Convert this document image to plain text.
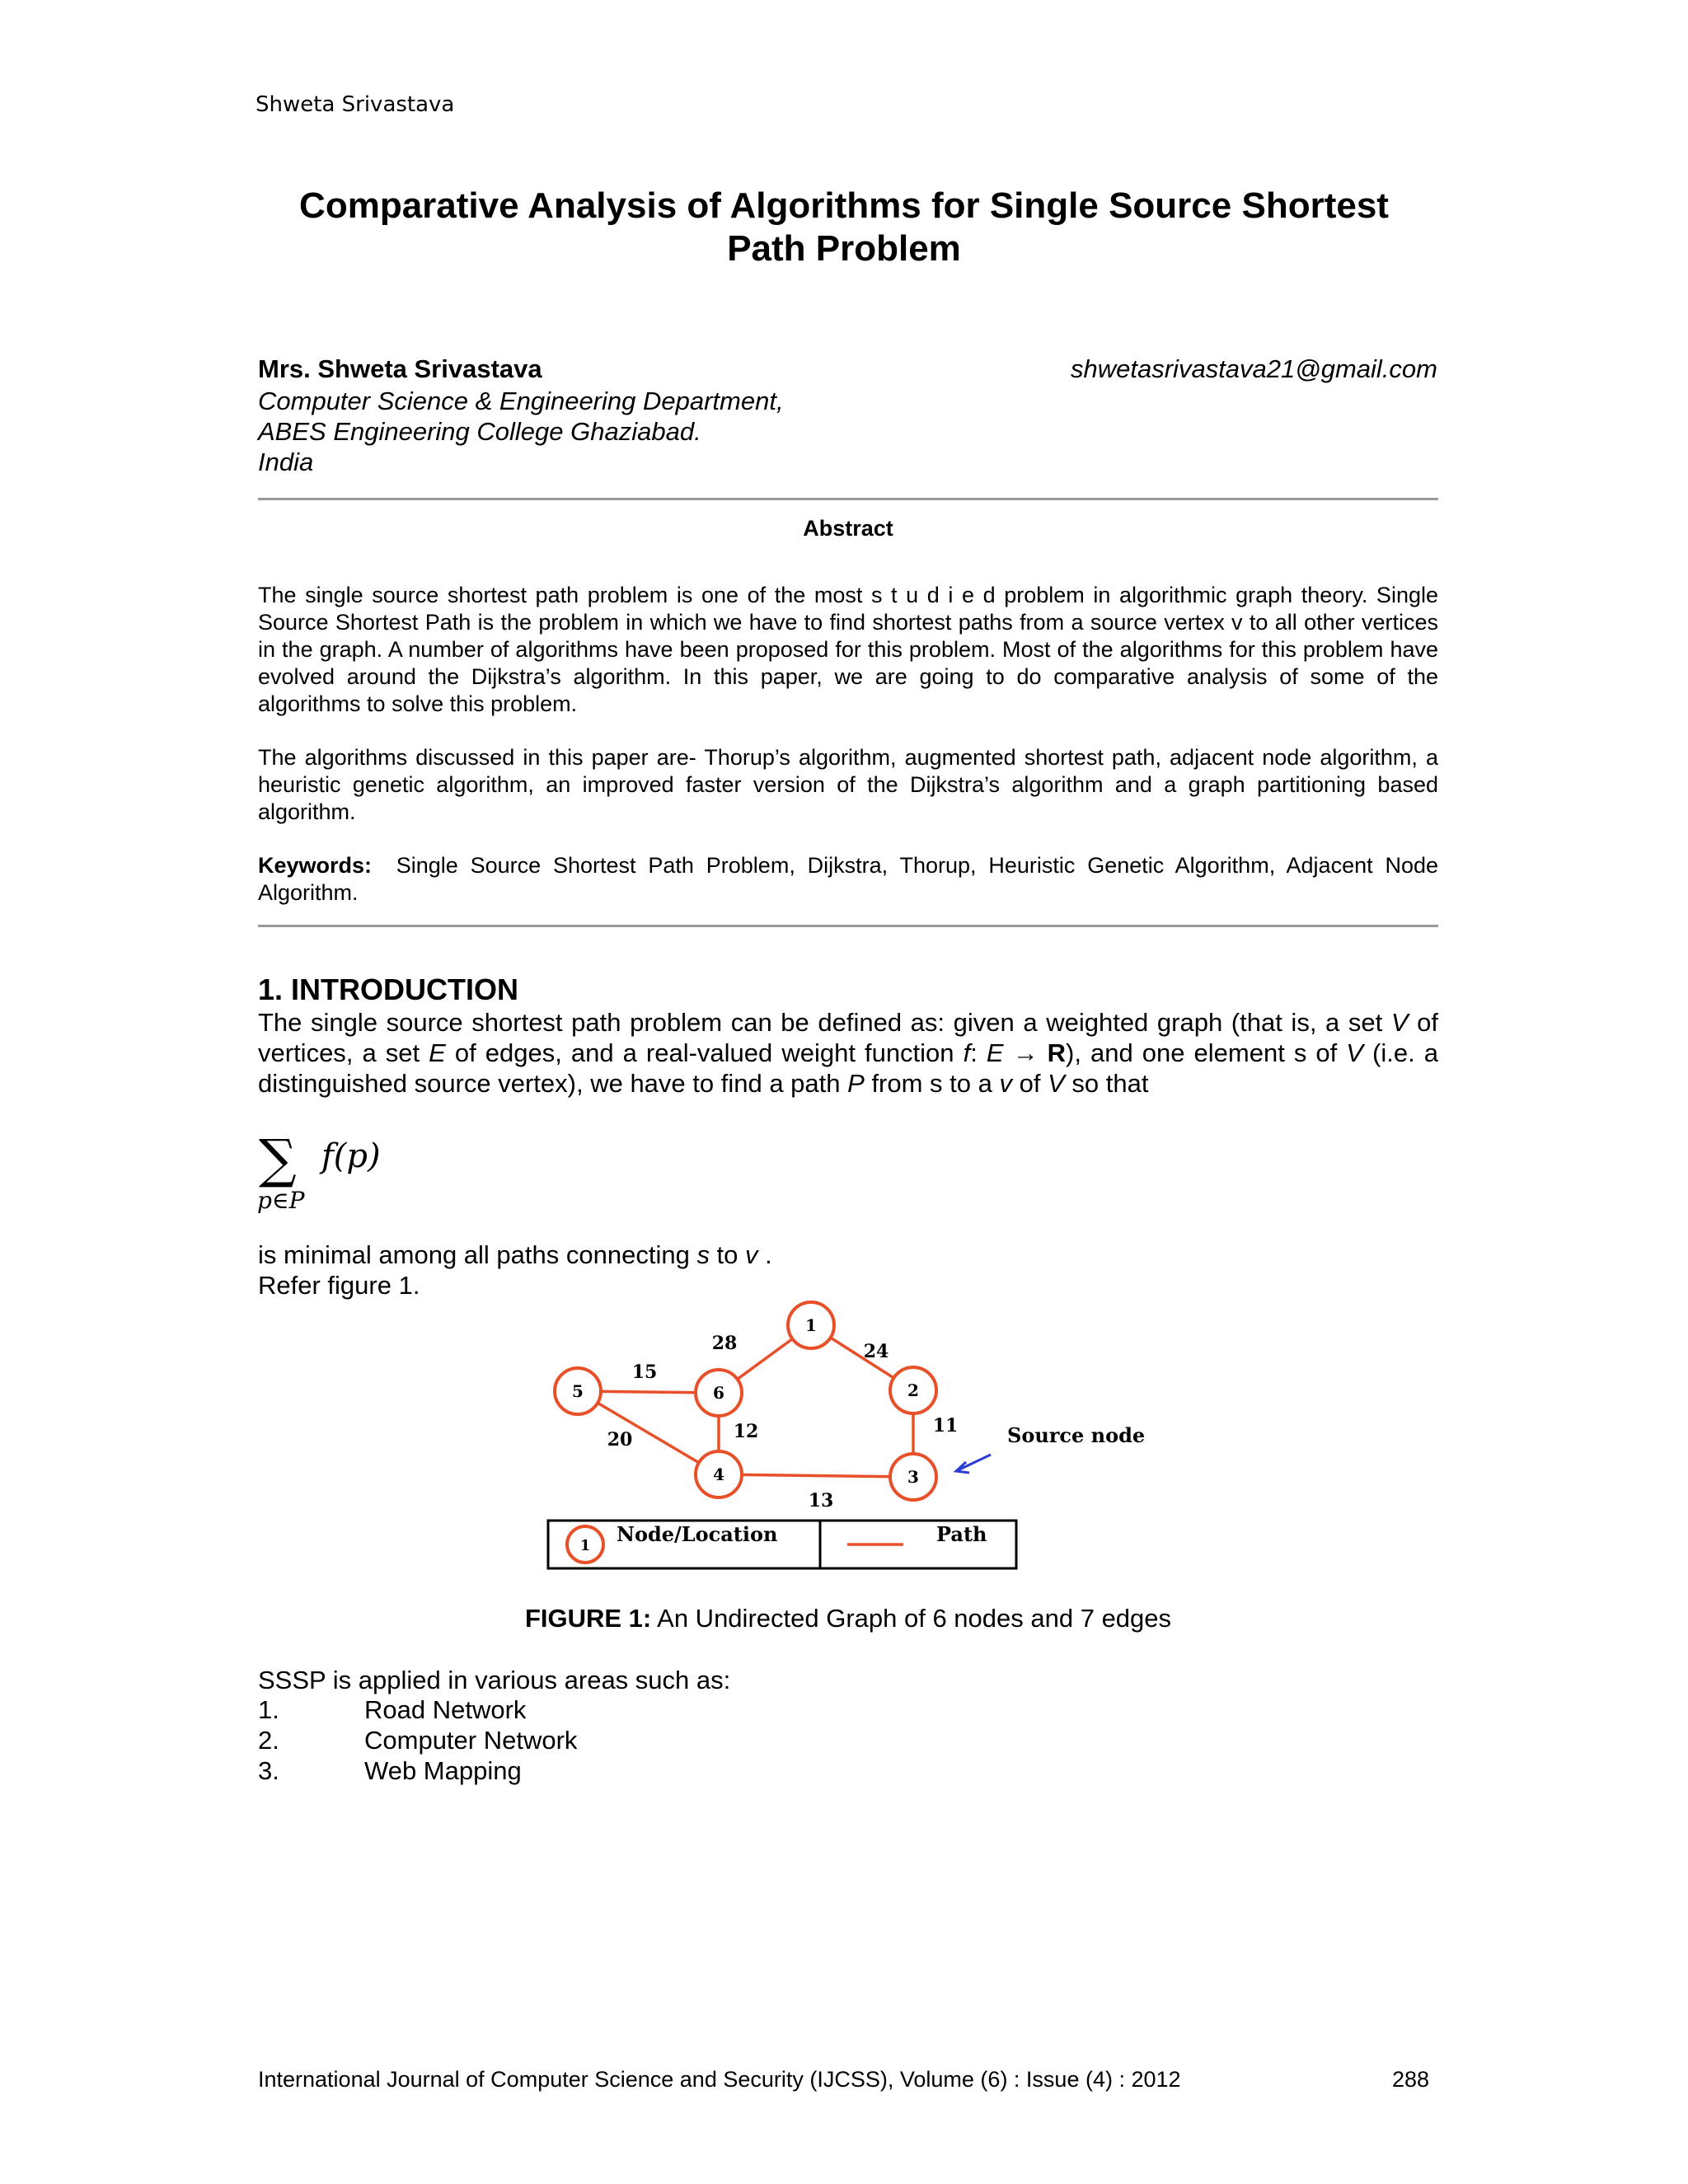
Shweta Srivastava
Comparative Analysis of Algorithms for Single Source Shortest
Path Problem
Mrs. Shweta Srivastava	shwetasrivastava21@gmail.com
Computer Science & Engineering Department,
ABES Engineering College Ghaziabad.
India
Abstract
The single source shortest path problem is one of the most s t u d i e d problem in algorithmic graph theory. Single Source Shortest Path is the problem in which we have to find shortest paths from a source vertex v to all other vertices in the graph. A number of algorithms have been proposed for this problem. Most of the algorithms for this problem have evolved around the Dijkstra’s algorithm. In this paper, we are going to do comparative analysis of some of the algorithms to solve this problem.
The algorithms discussed in this paper are- Thorup’s algorithm, augmented shortest path, adjacent node algorithm, a heuristic genetic algorithm, an improved faster version of the Dijkstra’s algorithm and a graph partitioning based algorithm.
Keywords: Single Source Shortest Path Problem, Dijkstra, Thorup, Heuristic Genetic Algorithm, Adjacent Node Algorithm.
1. INTRODUCTION
The single source shortest path problem can be defined as: given a weighted graph (that is, a set V of vertices, a set E of edges, and a real-valued weight function f: E → R), and one element s of V (i.e. a distinguished source vertex), we have to find a path P from s to a v of V so that
∑ f(p)
p∈P
is minimal among all paths connecting s to v .
Refer figure 1.
1
2
3
4
5	6
28	24
15
11
12
20
13
Source node
1 Node/Location	Path
FIGURE 1: An Undirected Graph of 6 nodes and 7 edges
SSSP is applied in various areas such as:
1.	Road Network
2.	Computer Network
3.	Web Mapping
International Journal of Computer Science and Security (IJCSS), Volume (6) : Issue (4) : 2012	288
